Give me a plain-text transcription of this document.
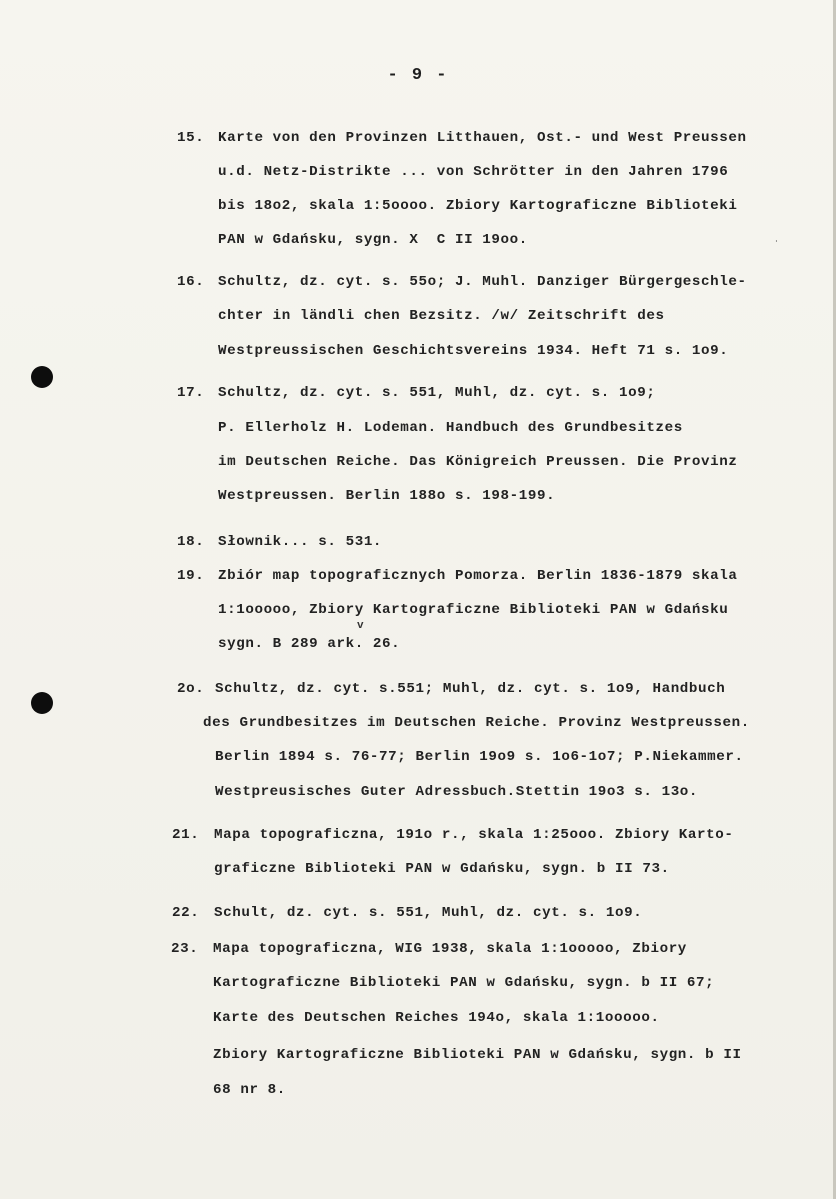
- 9 -
ʾ
v
15. Karte von den Provinzen Litthauen, Ost.- und West Preussen
u.d. Netz-Distrikte ... von Schrötter in den Jahren 1796
bis 18o2, skala 1:5oooo. Zbiory Kartograficzne Biblioteki
PAN w Gdańsku, sygn. X  C II 19oo.
16. Schultz, dz. cyt. s. 55o; J. Muhl. Danziger Bürgergeschle-
chter in ländli chen Bezsitz. /w/ Zeitschrift des
Westpreussischen Geschichtsvereins 1934. Heft 71 s. 1o9.
17. Schultz, dz. cyt. s. 551, Muhl, dz. cyt. s. 1o9;
P. Ellerholz H. Lodeman. Handbuch des Grundbesitzes
im Deutschen Reiche. Das Königreich Preussen. Die Provinz
Westpreussen. Berlin 188o s. 198-199.
18. Słownik... s. 531.
19. Zbiór map topograficznych Pomorza. Berlin 1836-1879 skala
1:1ooooo, Zbiory Kartograficzne Biblioteki PAN w Gdańsku
sygn. B 289 ark. 26.
2o. Schultz, dz. cyt. s.551; Muhl, dz. cyt. s. 1o9, Handbuch
des Grundbesitzes im Deutschen Reiche. Provinz Westpreussen.
Berlin 1894 s. 76-77; Berlin 19o9 s. 1o6-1o7; P.Niekammer.
Westpreusisches Guter Adressbuch.Stettin 19o3 s. 13o.
21. Mapa topograficzna, 191o r., skala 1:25ooo. Zbiory Karto-
graficzne Biblioteki PAN w Gdańsku, sygn. b II 73.
22. Schult, dz. cyt. s. 551, Muhl, dz. cyt. s. 1o9.
23. Mapa topograficzna, WIG 1938, skala 1:1ooooo, Zbiory
Kartograficzne Biblioteki PAN w Gdańsku, sygn. b II 67;
Karte des Deutschen Reiches 194o, skala 1:1ooooo.
Zbiory Kartograficzne Biblioteki PAN w Gdańsku, sygn. b II
68 nr 8.
